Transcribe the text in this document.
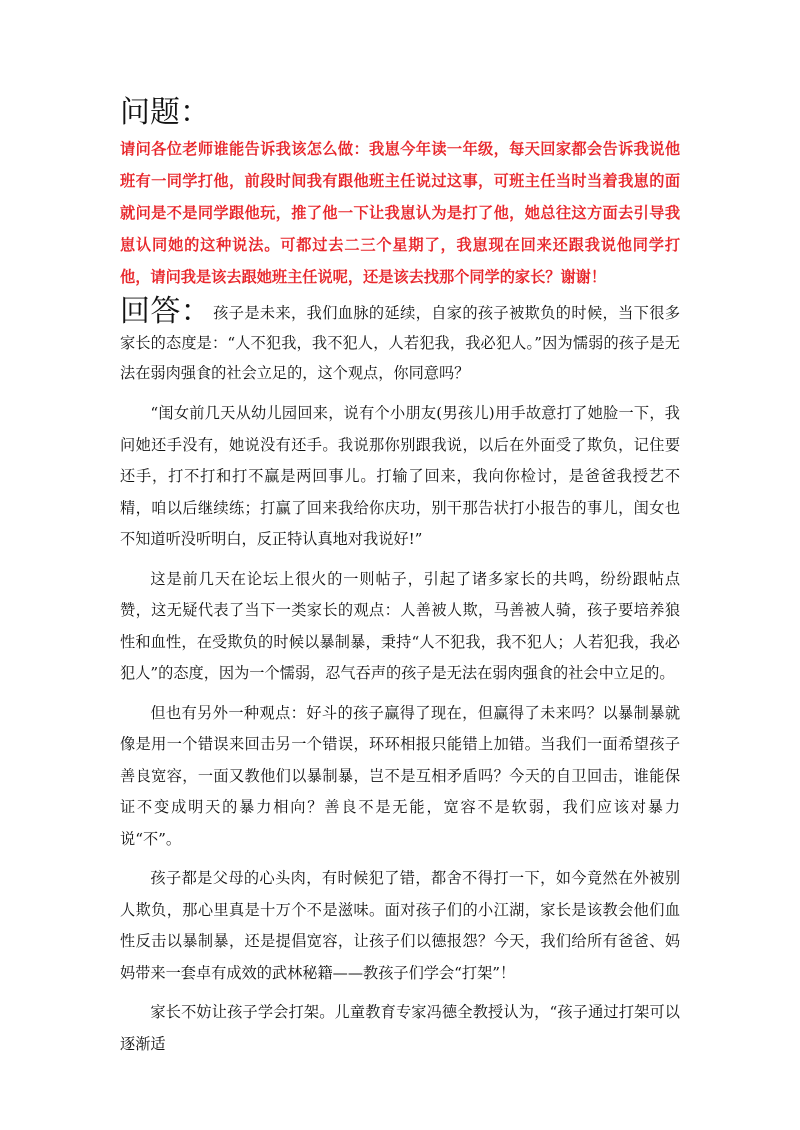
问题：

请问各位老师谁能告诉我该怎么做：我崽今年读一年级，每天回家都会告诉我说他班有一同学打他，前段时间我有跟他班主任说过这事，可班主任当时当着我崽的面就问是不是同学跟他玩，推了他一下让我崽认为是打了他，她总往这方面去引导我崽认同她的这种说法。可都过去二三个星期了，我崽现在回来还跟我说他同学打他，请问我是该去跟她班主任说呢，还是该去找那个同学的家长？谢谢！

回答： 孩子是未来，我们血脉的延续，自家的孩子被欺负的时候，当下很多家长的态度是：“人不犯我，我不犯人，人若犯我，我必犯人。”因为懦弱的孩子是无法在弱肉强食的社会立足的，这个观点，你同意吗？

“闺女前几天从幼儿园回来，说有个小朋友(男孩儿)用手故意打了她脸一下，我问她还手没有，她说没有还手。我说那你别跟我说，以后在外面受了欺负，记住要还手，打不打和打不赢是两回事儿。打输了回来，我向你检讨，是爸爸我授艺不精，咱以后继续练；打赢了回来我给你庆功，别干那告状打小报告的事儿，闺女也不知道听没听明白，反正特认真地对我说好!”

这是前几天在论坛上很火的一则帖子，引起了诸多家长的共鸣，纷纷跟帖点赞，这无疑代表了当下一类家长的观点：人善被人欺，马善被人骑，孩子要培养狼性和血性，在受欺负的时候以暴制暴，秉持“人不犯我，我不犯人；人若犯我，我必犯人”的态度，因为一个懦弱，忍气吞声的孩子是无法在弱肉强食的社会中立足的。

但也有另外一种观点：好斗的孩子赢得了现在，但赢得了未来吗？以暴制暴就像是用一个错误来回击另一个错误，环环相报只能错上加错。当我们一面希望孩子善良宽容，一面又教他们以暴制暴，岂不是互相矛盾吗？今天的自卫回击，谁能保证不变成明天的暴力相向？善良不是无能，宽容不是软弱，我们应该对暴力说“不”。

孩子都是父母的心头肉，有时候犯了错，都舍不得打一下，如今竟然在外被别人欺负，那心里真是十万个不是滋味。面对孩子们的小江湖，家长是该教会他们血性反击以暴制暴，还是提倡宽容，让孩子们以德报怨？今天，我们给所有爸爸、妈妈带来一套卓有成效的武林秘籍——教孩子们学会“打架”！

家长不妨让孩子学会打架。儿童教育专家冯德全教授认为，“孩子通过打架可以逐渐适
